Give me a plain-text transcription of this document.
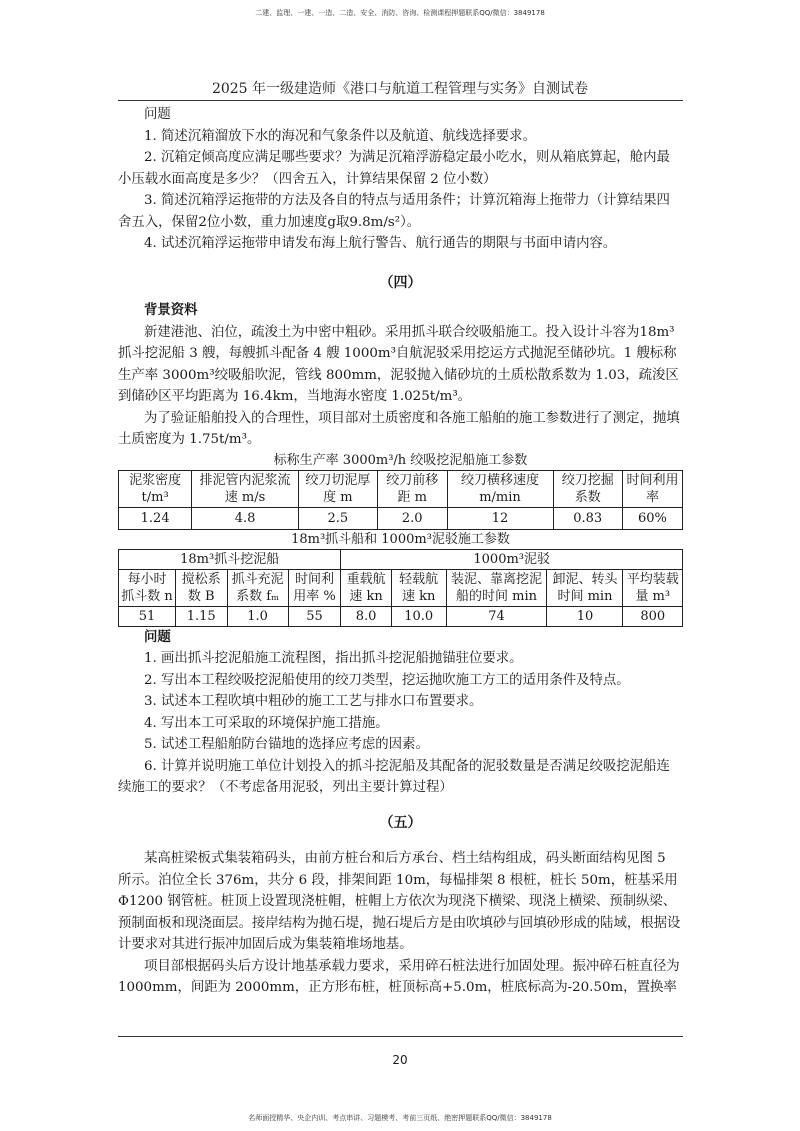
二建、监理、一建、一造、二造、安全、消防、咨询、检测课程押题联系QQ/微信：3849178
2025 年一级建造师《港口与航道工程管理与实务》自测试卷

问题

1. 简述沉箱溜放下水的海况和气象条件以及航道、航线选择要求。

2. 沉箱定倾高度应满足哪些要求？为满足沉箱浮游稳定最小吃水，则从箱底算起，舱内最小压载水面高度是多少？（四舍五入，计算结果保留 2 位小数）

3. 简述沉箱浮运拖带的方法及各自的特点与适用条件；计算沉箱海上拖带力（计算结果四舍五入，保留2位小数，重力加速度g取9.8m/s²）。

4. 试述沉箱浮运拖带申请发布海上航行警告、航行通告的期限与书面申请内容。

（四）

背景资料

新建港池、泊位，疏浚土为中密中粗砂。采用抓斗联合绞吸船施工。投入设计斗容为18m³抓斗挖泥船 3 艘，每艘抓斗配备 4 艘 1000m³自航泥驳采用挖运方式抛泥至储砂坑。1 艘标称生产率 3000m³绞吸船吹泥，管线 800mm，泥驳抛入储砂坑的土质松散系数为 1.03，疏浚区到储砂区平均距离为 16.4km，当地海水密度 1.025t/m³。

为了验证船舶投入的合理性，项目部对土质密度和各施工船舶的施工参数进行了测定，抛填土质密度为 1.75t/m³。

标称生产率 3000m³/h 绞吸挖泥船施工参数

泥浆密度 t/m³	排泥管内泥浆流速 m/s	绞刀切泥厚度 m	绞刀前移距 m	绞刀横移速度 m/min	绞刀挖掘系数	时间利用率
1.24	4.8	2.5	2.0	12	0.83	60%

18m³抓斗船和 1000m³泥驳施工参数

18m³抓斗挖泥船				1000m³泥驳				
每小时抓斗数 n	搅松系数 B	抓斗充泥系数 fₘ	时间利用率 %	重载航速 kn	轻载航速 kn	装泥、靠离挖泥船的时间 min	卸泥、转头时间 min	平均装载量 m³
51	1.15	1.0	55	8.0	10.0	74	10	800

问题

1. 画出抓斗挖泥船施工流程图，指出抓斗挖泥船抛锚驻位要求。

2. 写出本工程绞吸挖泥船使用的绞刀类型，挖运抛吹施工方工的适用条件及特点。

3. 试述本工程吹填中粗砂的施工工艺与排水口布置要求。

4. 写出本工可采取的环境保护施工措施。

5. 试述工程船舶防台锚地的选择应考虑的因素。

6. 计算并说明施工单位计划投入的抓斗挖泥船及其配备的泥驳数量是否满足绞吸挖泥船连续施工的要求？（不考虑备用泥驳，列出主要计算过程）

（五）

某高桩梁板式集装箱码头，由前方桩台和后方承台、档土结构组成，码头断面结构见图 5 所示。泊位全长 376m，共分 6 段，排架间距 10m，每榀排架 8 根桩，桩长 50m，桩基采用 Φ1200 钢管桩。桩顶上设置现浇桩帽，桩帽上方依次为现浇下横梁、现浇上横梁、预制纵梁、预制面板和现浇面层。接岸结构为抛石堤，抛石堤后方是由吹填砂与回填砂形成的陆域，根据设计要求对其进行振冲加固后成为集装箱堆场地基。

项目部根据码头后方设计地基承载力要求，采用碎石桩法进行加固处理。振冲碎石桩直径为 1000mm，间距为 2000mm，正方形布桩，桩顶标高+5.0m，桩底标高为-20.50m，置换率

20
名师面授精华、央企内训、考点串讲、习题模考、考前三页纸、绝密押题联系QQ/微信：3849178
